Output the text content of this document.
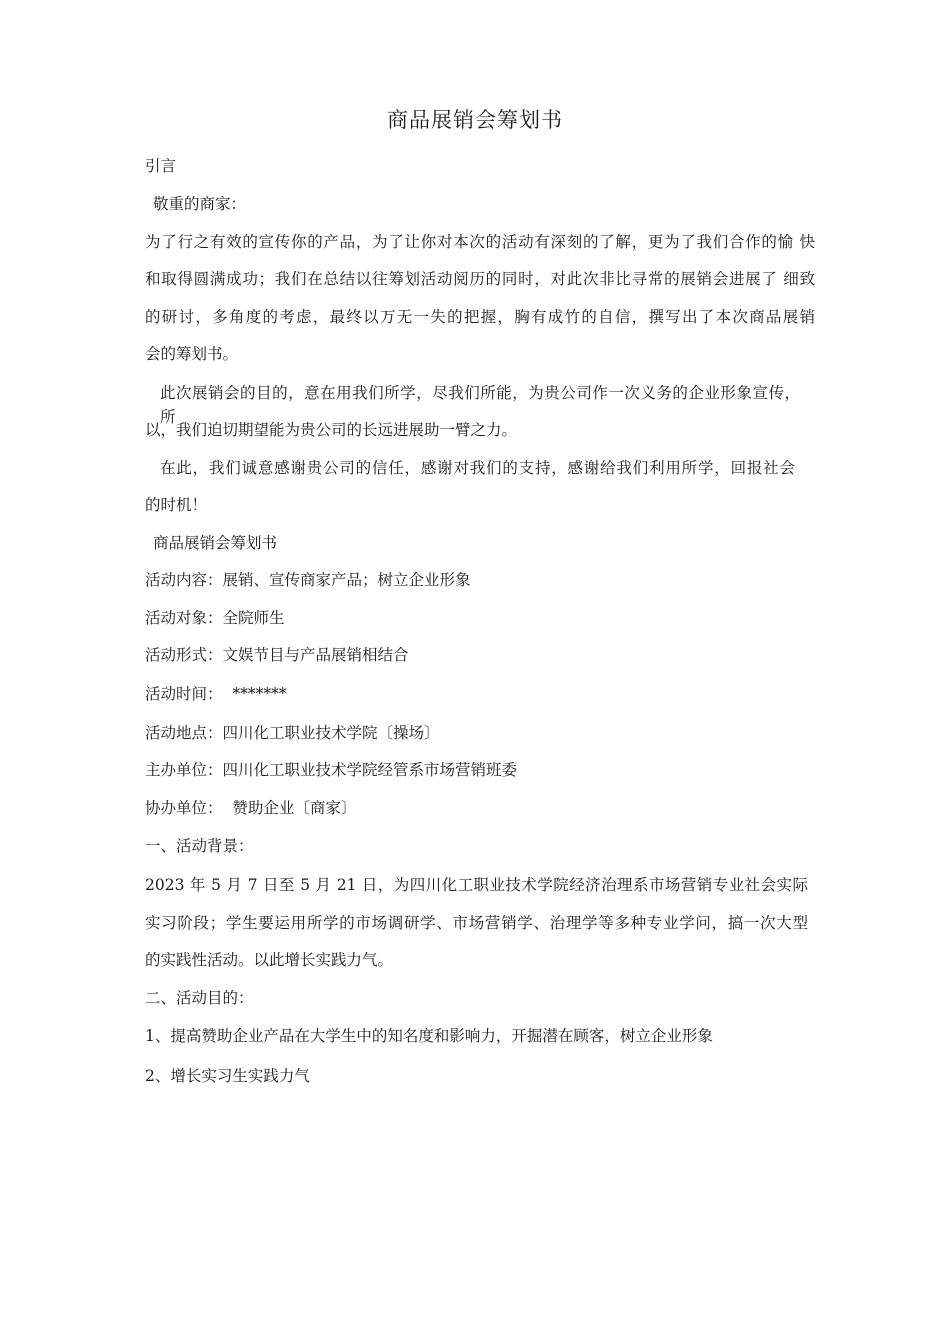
商品展销会筹划书
引言
敬重的商家：
为了行之有效的宣传你的产品，为了让你对本次的活动有深刻的了解，更为了我们合作的愉 快
和取得圆满成功；我们在总结以往筹划活动阅历的同时，对此次非比寻常的展销会进展了 细致
的研讨，多角度的考虑，最终以万无一失的把握，胸有成竹的自信，撰写出了本次商品展销
会的筹划书。
此次展销会的目的，意在用我们所学，尽我们所能，为贵公司作一次义务的企业形象宣传， 所
以，我们迫切期望能为贵公司的长远进展助一臂之力。
在此，我们诚意感谢贵公司的信任，感谢对我们的支持，感谢给我们利用所学，回报社会
的时机！
商品展销会筹划书
活动内容：展销、宣传商家产品；树立企业形象
活动对象：全院师生
活动形式：文娱节目与产品展销相结合
活动时间：  *******
活动地点：四川化工职业技术学院〔操场〕
主办单位：四川化工职业技术学院经管系市场营销班委
协办单位：  赞助企业〔商家〕
一、活动背景：
2023 年 5 月 7 日至 5 月 21 日，为四川化工职业技术学院经济治理系市场营销专业社会实际
实习阶段；学生要运用所学的市场调研学、市场营销学、治理学等多种专业学问，搞一次大型
的实践性活动。以此增长实践力气。
二、活动目的：
1、提高赞助企业产品在大学生中的知名度和影响力，开掘潜在顾客，树立企业形象
2、增长实习生实践力气
